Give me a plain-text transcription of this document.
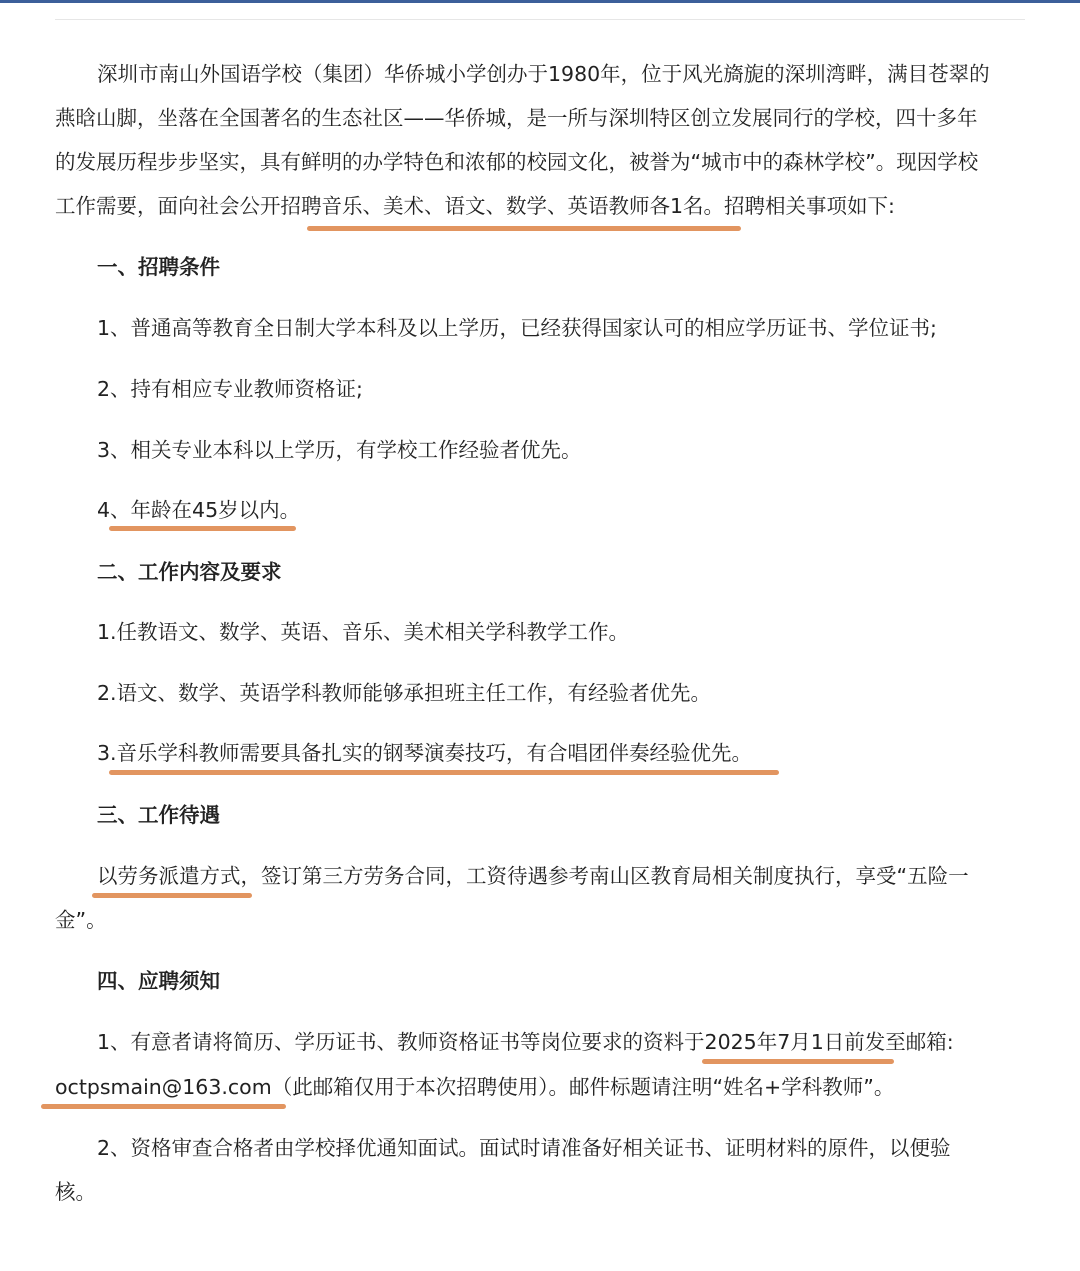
深圳市南山外国语学校（集团）华侨城小学创办于1980年，位于风光旖旎的深圳湾畔，满目苍翠的

燕晗山脚，坐落在全国著名的生态社区——华侨城，是一所与深圳特区创立发展同行的学校，四十多年

的发展历程步步坚实，具有鲜明的办学特色和浓郁的校园文化，被誉为“城市中的森林学校”。现因学校

工作需要，面向社会公开招聘音乐、美术、语文、数学、英语教师各1名。招聘相关事项如下:

一、招聘条件

1、普通高等教育全日制大学本科及以上学历，已经获得国家认可的相应学历证书、学位证书;

2、持有相应专业教师资格证;

3、相关专业本科以上学历，有学校工作经验者优先。

4、年龄在45岁以内。

二、工作内容及要求

1.任教语文、数学、英语、音乐、美术相关学科教学工作。

2.语文、数学、英语学科教师能够承担班主任工作，有经验者优先。

3.音乐学科教师需要具备扎实的钢琴演奏技巧，有合唱团伴奏经验优先。

三、工作待遇

以劳务派遣方式，签订第三方劳务合同，工资待遇参考南山区教育局相关制度执行，享受“五险一

金”。

四、应聘须知

1、有意者请将简历、学历证书、教师资格证书等岗位要求的资料于2025年7月1日前发至邮箱:

octpsmain@163.com（此邮箱仅用于本次招聘使用）。邮件标题请注明“姓名+学科教师”。

2、资格审查合格者由学校择优通知面试。面试时请准备好相关证书、证明材料的原件，以便验

核。
